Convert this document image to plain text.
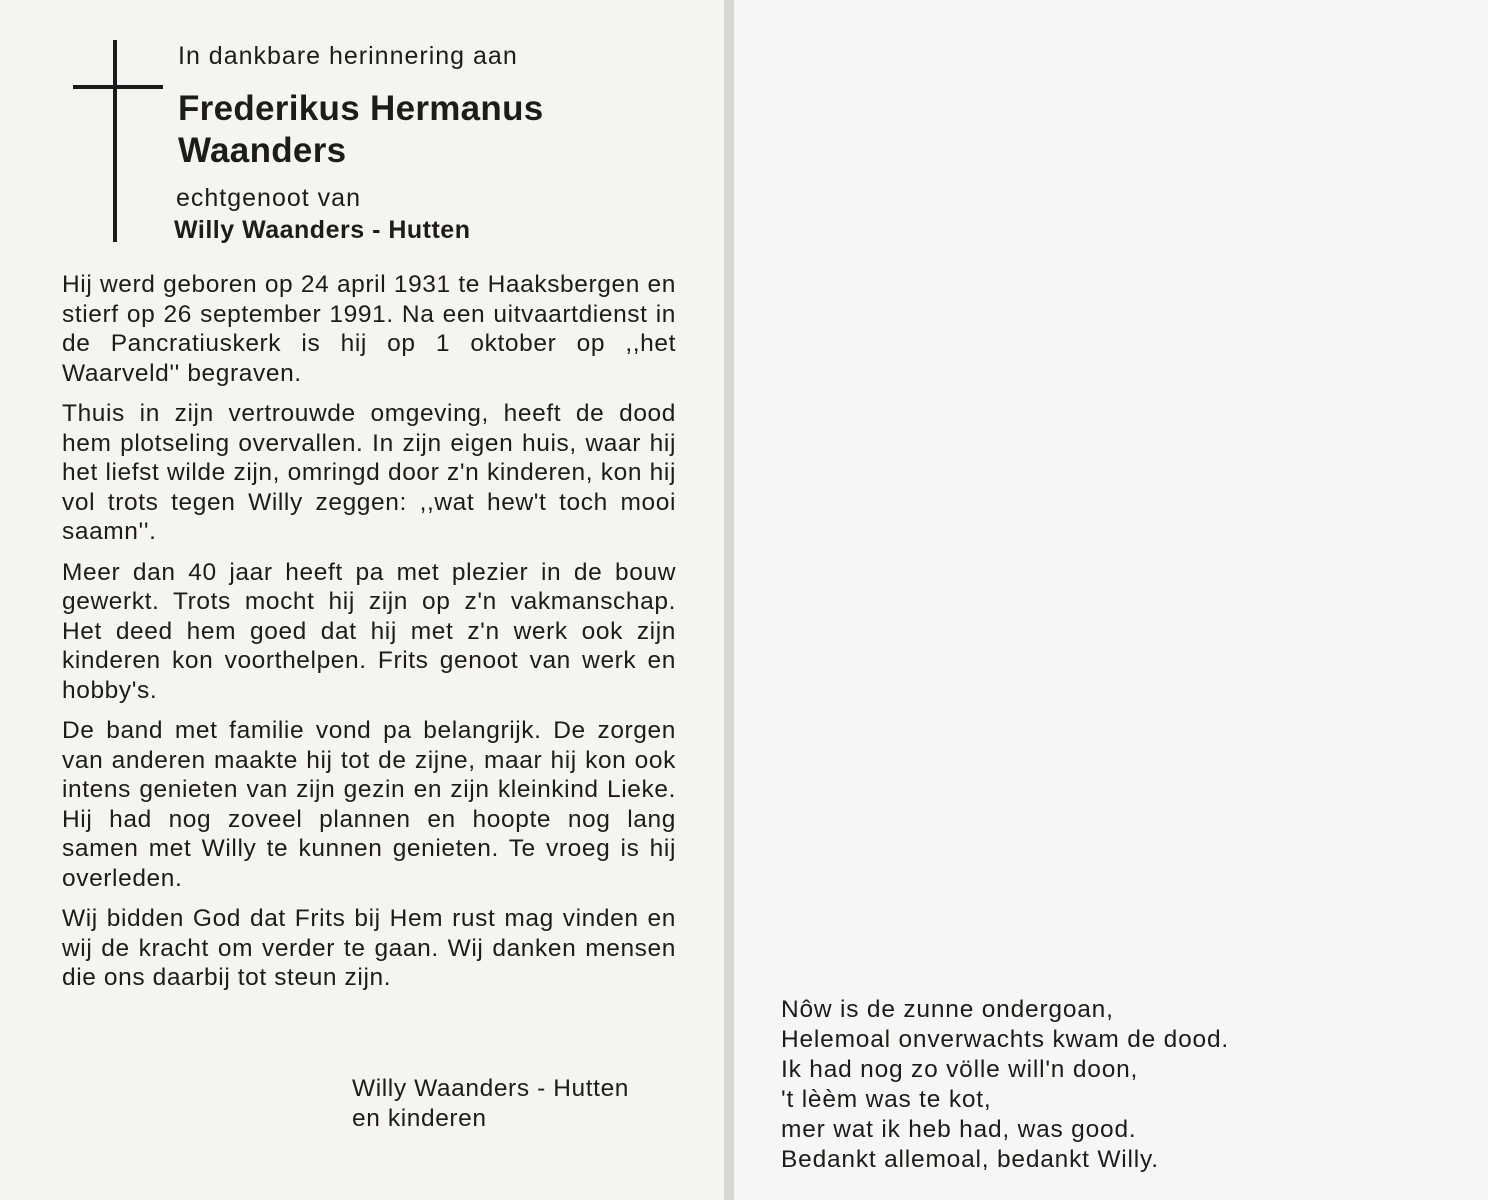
In dankbare herinnering aan
Frederikus Hermanus
Waanders
echtgenoot van
Willy Waanders - Hutten

Hij werd geboren op 24 april 1931 te Haaksbergen en stierf op 26 september 1991. Na een uitvaartdienst in de Pancratiuskerk is hij op 1 oktober op ,,het Waarveld'' begraven.

Thuis in zijn vertrouwde omgeving, heeft de dood hem plotseling overvallen. In zijn eigen huis, waar hij het liefst wilde zijn, omringd door z'n kinderen, kon hij vol trots tegen Willy zeggen: ,,wat hew't toch mooi saamn''.

Meer dan 40 jaar heeft pa met plezier in de bouw gewerkt. Trots mocht hij zijn op z'n vakmanschap. Het deed hem goed dat hij met z'n werk ook zijn kinderen kon voorthelpen. Frits genoot van werk en hobby's.

De band met familie vond pa belangrijk. De zorgen van anderen maakte hij tot de zijne, maar hij kon ook intens genieten van zijn gezin en zijn kleinkind Lieke. Hij had nog zoveel plannen en hoopte nog lang samen met Willy te kunnen genieten. Te vroeg is hij overleden.

Wij bidden God dat Frits bij Hem rust mag vinden en wij de kracht om verder te gaan. Wij danken mensen die ons daarbij tot steun zijn.

Willy Waanders - Hutten
en kinderen
Nôw is de zunne ondergoan,
Helemoal onverwachts kwam de dood.
Ik had nog zo völle will'n doon,
't lèèm was te kot,
mer wat ik heb had, was good.
Bedankt allemoal, bedankt Willy.
